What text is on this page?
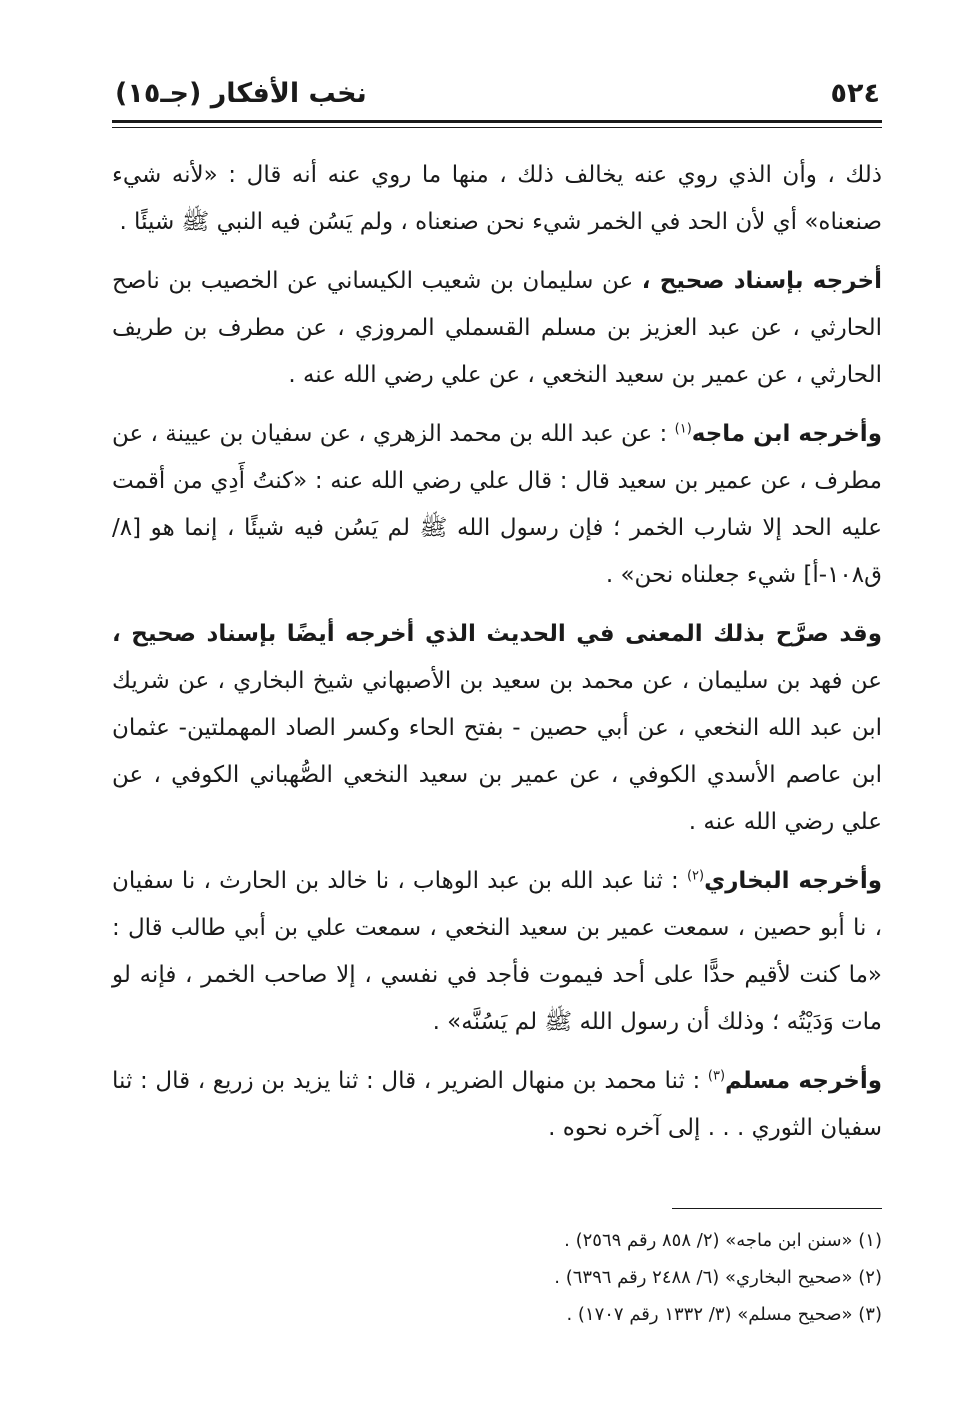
٥٢٤
نخب الأفكار (جـ١٥)

ذلك ، وأن الذي روي عنه يخالف ذلك ، منها ما روي عنه أنه قال : «لأنه شيء صنعناه» أي لأن الحد في الخمر شيء نحن صنعناه ، ولم يَسُن فيه النبي ﷺ شيئًا .

أخرجه بإسناد صحيح ، عن سليمان بن شعيب الكيساني عن الخصيب بن ناصح الحارثي ، عن عبد العزيز بن مسلم القسملي المروزي ، عن مطرف بن طريف الحارثي ، عن عمير بن سعيد النخعي ، عن علي رضي الله عنه .

وأخرجه ابن ماجه$^{(١)}$ : عن عبد الله بن محمد الزهري ، عن سفيان بن عيينة ، عن مطرف ، عن عمير بن سعيد قال : قال علي رضي الله عنه : «كنتُ أَدِي من أقمت عليه الحد إلا شارب الخمر ؛ فإن رسول الله ﷺ لم يَسُن فيه شيئًا ، إنما هو [٨/ ق١٠٨-أ] شيء جعلناه نحن» .

وقد صرَّح بذلك المعنى في الحديث الذي أخرجه أيضًا بإسناد صحيح ، عن فهد بن سليمان ، عن محمد بن سعيد بن الأصبهاني شيخ البخاري ، عن شريك ابن عبد الله النخعي ، عن أبي حصين - بفتح الحاء وكسر الصاد المهملتين- عثمان ابن عاصم الأسدي الكوفي ، عن عمير بن سعيد النخعي الصُّهباني الكوفي ، عن علي رضي الله عنه .

وأخرجه البخاري$^{(٢)}$ : ثنا عبد الله بن عبد الوهاب ، نا خالد بن الحارث ، نا سفيان ، نا أبو حصين ، سمعت عمير بن سعيد النخعي ، سمعت علي بن أبي طالب قال : «ما كنت لأقيم حدًّا على أحد فيموت فأجد في نفسي ، إلا صاحب الخمر ، فإنه لو مات وَدَيْتُه ؛ وذلك أن رسول الله ﷺ لم يَسُنَّه» .

وأخرجه مسلم$^{(٣)}$ : ثنا محمد بن منهال الضرير ، قال : ثنا يزيد بن زريع ، قال : ثنا سفيان الثوري . . . إلى آخره نحوه .

(١) «سنن ابن ماجه» (٢/ ٨٥٨ رقم ٢٥٦٩) .
(٢) «صحيح البخاري» (٦/ ٢٤٨٨ رقم ٦٣٩٦) .
(٣) «صحيح مسلم» (٣/ ١٣٣٢ رقم ١٧٠٧) .
